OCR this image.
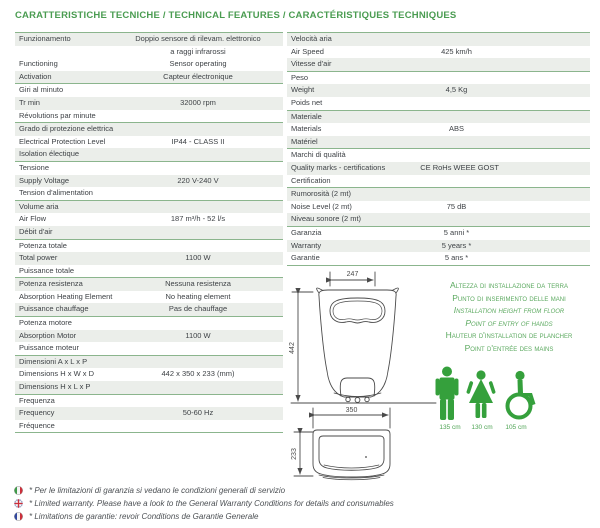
CARATTERISTICHE TECNICHE / TECHNICAL FEATURES / CARACTÉRISTIQUES TECHNIQUES
Funzionamento	Doppio sensore di rilevam. elettronico
a raggi infrarossi
Functioning	Sensor operating
Activation	Capteur électronique
Giri al minuto
Tr min	32000 rpm
Révolutions par minute
Grado di protezione elettrica
Electrical Protection Level	IP44 - CLASS II
Isolation électique
Tensione
Supply Voltage	220 V-240 V
Tension d'alimentation
Volume aria
Air Flow	187 m³/h - 52 l/s
Débit d'air
Potenza totale
Total power	1100 W
Puissance totale
Potenza resistenza	Nessuna resistenza
Absorption Heating Element	No heating element
Puissance chauffage	Pas de chauffage
Potenza motore
Absorption Motor	1100 W
Puissance moteur
Dimensioni A x L x P
Dimensions H x W x D	442 x 350 x 233 (mm)
Dimensions H x L x P
Frequenza
Frequency	50-60 Hz
Fréquence
Velocità aria
Air Speed	425 km/h
Vitesse d'air
Peso
Weight	4,5 Kg
Poids net
Materiale
Materials	ABS
Matériel
Marchi di qualità
Quality marks - certifications	CE RoHs WEEE GOST
Certification
Rumorosità (2 mt)
Noise Level (2 mt)	75 dB
Niveau sonore (2 mt)
Garanzia	5 anni *
Warranty	5 years *
Garantie	5 ans *
247
442
350
233
Altezza di installazione da terra
Punto di inserimento delle mani
Installation height from floor
Point of entry of hands
Hauteur d'installation de plancher
Point d'entrée des mains
135 cm	130 cm	105 cm
* Per le limitazioni di garanzia si vedano le condizioni generali di servizio
* Limited warranty. Please have a look to the General Warranty Conditions for details and consumables
* Limitations de garantie: revoir Conditions de Garantie Generale
